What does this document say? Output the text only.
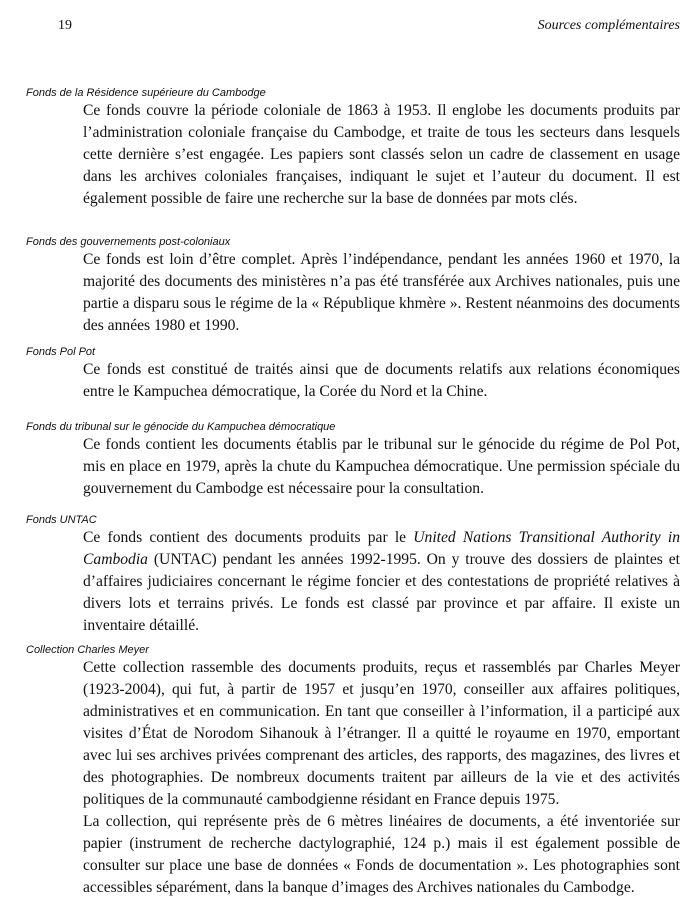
19	Sources complémentaires
Fonds de la Résidence supérieure du Cambodge

Ce fonds couvre la période coloniale de 1863 à 1953. Il englobe les documents produits par l’administration coloniale française du Cambodge, et traite de tous les secteurs dans lesquels cette dernière s’est engagée. Les papiers sont classés selon un cadre de classement en usage dans les archives coloniales françaises, indiquant le sujet et l’auteur du document. Il est également possible de faire une recherche sur la base de données par mots clés.

Fonds des gouvernements post-coloniaux

Ce fonds est loin d’être complet. Après l’indépendance, pendant les années 1960 et 1970, la majorité des documents des ministères n’a pas été transférée aux Archives nationales, puis une partie a disparu sous le régime de la « République khmère ». Restent néanmoins des documents des années 1980 et 1990.

Fonds Pol Pot

Ce fonds est constitué de traités ainsi que de documents relatifs aux relations économiques entre le Kampuchea démocratique, la Corée du Nord et la Chine.

Fonds du tribunal sur le génocide du Kampuchea démocratique

Ce fonds contient les documents établis par le tribunal sur le génocide du régime de Pol Pot, mis en place en 1979, après la chute du Kampuchea démocratique. Une permission spéciale du gouvernement du Cambodge est nécessaire pour la consultation.

Fonds UNTAC

Ce fonds contient des documents produits par le United Nations Transitional Authority in Cambodia (UNTAC) pendant les années 1992-1995. On y trouve des dossiers de plaintes et d’affaires judiciaires concernant le régime foncier et des contestations de propriété relatives à divers lots et terrains privés. Le fonds est classé par province et par affaire. Il existe un inventaire détaillé.

Collection Charles Meyer

Cette collection rassemble des documents produits, reçus et rassemblés par Charles Meyer (1923-2004), qui fut, à partir de 1957 et jusqu’en 1970, conseiller aux affaires politiques, administratives et en communication. En tant que conseiller à l’information, il a participé aux visites d’État de Norodom Sihanouk à l’étranger. Il a quitté le royaume en 1970, emportant avec lui ses archives privées comprenant des articles, des rapports, des magazines, des livres et des photographies. De nombreux documents traitent par ailleurs de la vie et des activités politiques de la communauté cambodgienne résidant en France depuis 1975.

La collection, qui représente près de 6 mètres linéaires de documents, a été inventoriée sur papier (instrument de recherche dactylographié, 124 p.) mais il est également possible de consulter sur place une base de données « Fonds de documentation ». Les photographies sont accessibles séparément, dans la banque d’images des Archives nationales du Cambodge.
